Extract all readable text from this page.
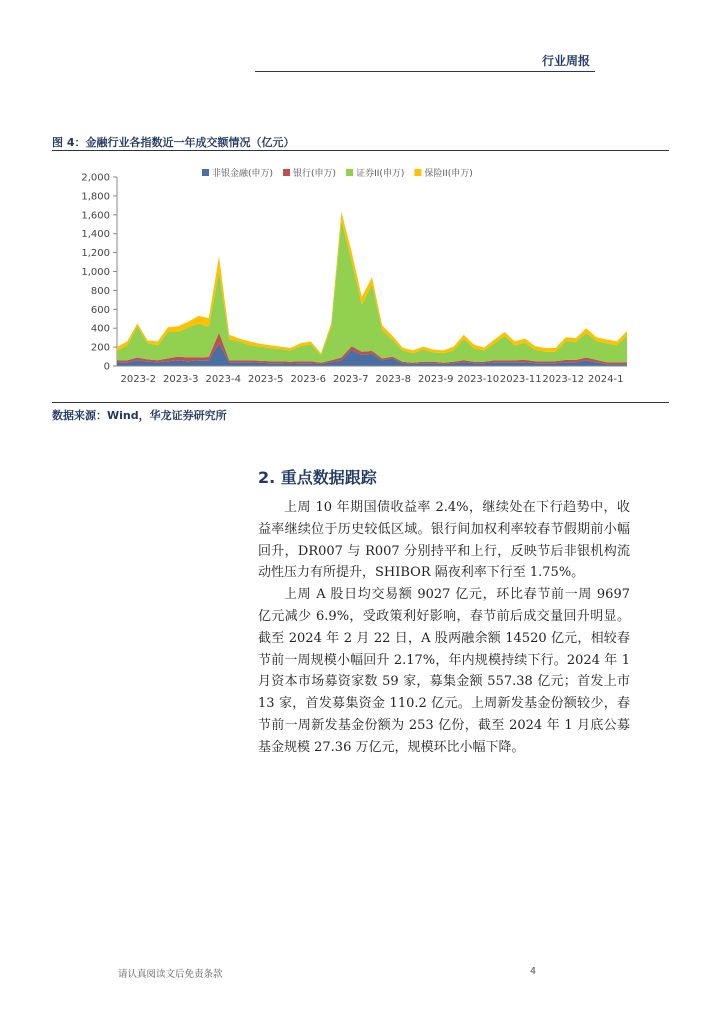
行业周报
图 4：金融行业各指数近一年成交额情况（亿元）
非银金融(申万) 银行(申万) 证券II(申万) 保险II(申万)
0
200
400
600
800
1,000
1,200
1,400
1,600
1,800
2,000
2023-2 2023-3 2023-4 2023-5 2023-6 2023-7 2023-8 2023-9 2023-10 2023-11 2023-12 2024-1
数据来源：Wind，华龙证券研究所
2. 重点数据跟踪

上周 10 年期国债收益率 2.4%，继续处在下行趋势中，收益率继续位于历史较低区域。银行间加权利率较春节假期前小幅回升，DR007 与 R007 分别持平和上行，反映节后非银机构流动性压力有所提升，SHIBOR 隔夜利率下行至 1.75%。

上周 A 股日均交易额 9027 亿元，环比春节前一周 9697 亿元减少 6.9%，受政策利好影响，春节前后成交量回升明显。截至 2024 年 2 月 22 日，A 股两融余额 14520 亿元，相较春节前一周规模小幅回升 2.17%，年内规模持续下行。2024 年 1 月资本市场募资家数 59 家，募集金额 557.38 亿元；首发上市 13 家，首发募集资金 110.2 亿元。上周新发基金份额较少，春节前一周新发基金份额为 253 亿份，截至 2024 年 1 月底公募基金规模 27.36 万亿元，规模环比小幅下降。

请认真阅读文后免责条款	4
